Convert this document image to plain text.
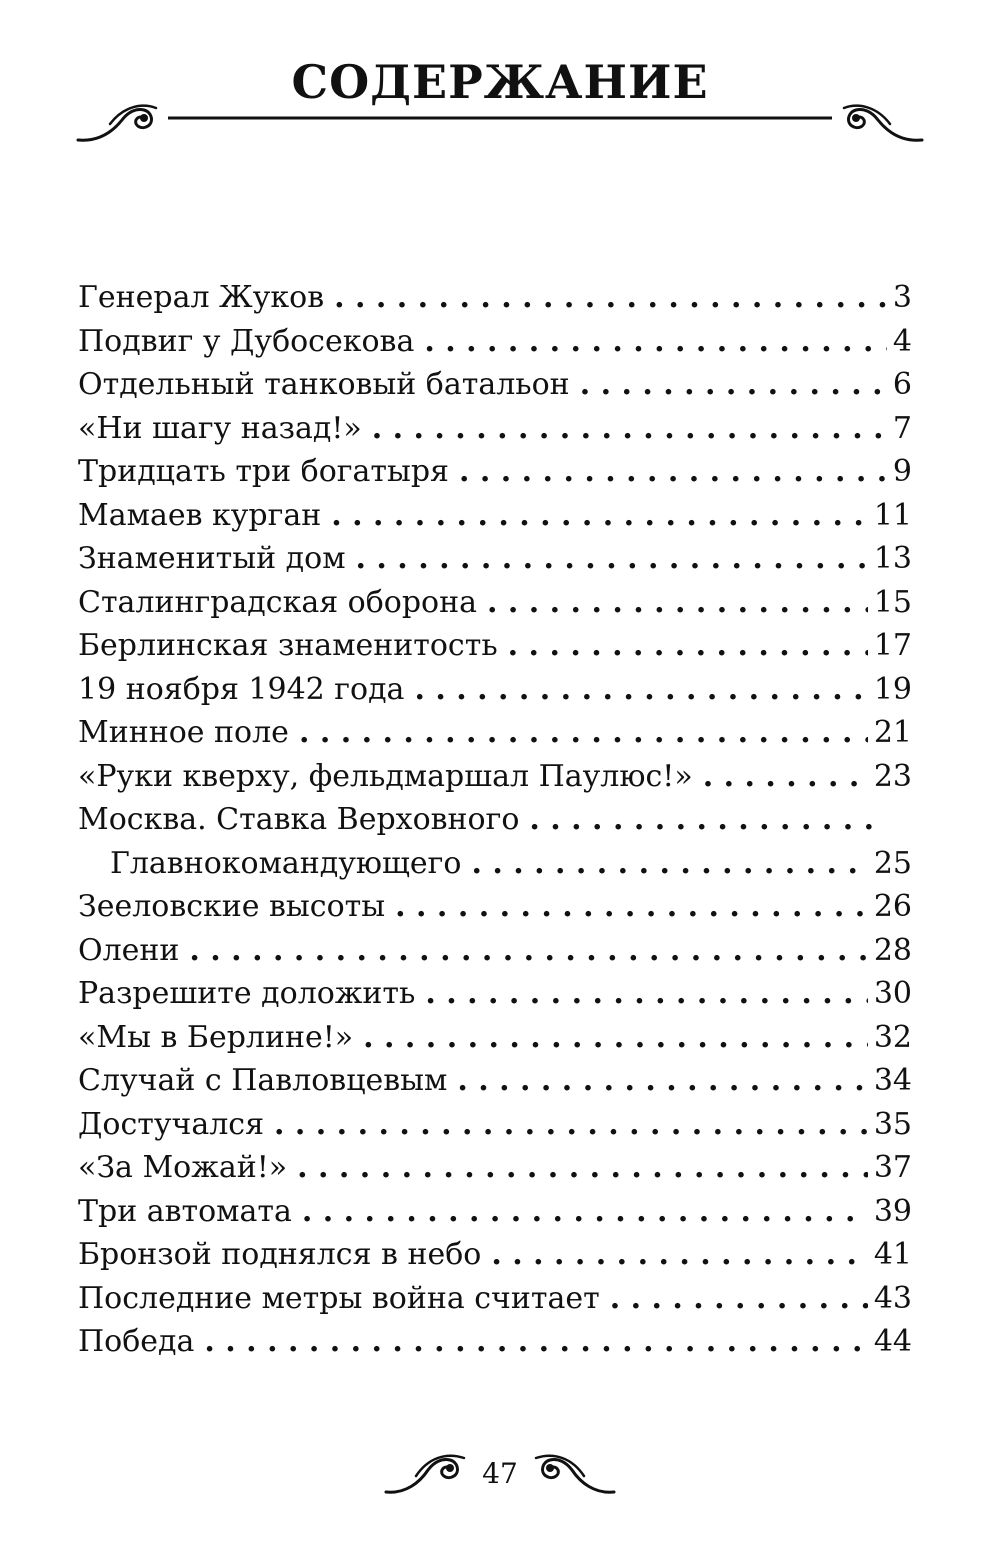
СОДЕРЖАНИЕ
Генерал Жуков . . .	3
Подвиг у Дубосекова . . .	4
Отдельный танковый батальон . . .	6
«Ни шагу назад!» . . .	7
Тридцать три богатыря . . .	9
Мамаев курган . . .	11
Знаменитый дом . . .	13
Сталинградская оборона . . .	15
Берлинская знаменитость . . .	17
19 ноября 1942 года . . .	19
Минное поле . . .	21
«Руки кверху, фельдмаршал Паулюс!» . . .	23
Москва. Ставка Верховного
. . .
Главнокомандующего . . .	25
Зееловские высоты . . .	26
Олени . . .	28
Разрешите доложить . . .	30
«Мы в Берлине!» . . .	32
Случай с Павловцевым . . .	34
Достучался . . .	35
«За Можай!» . . .	37
Три автомата . . .	39
Бронзой поднялся в небо . . .	41
Последние метры война считает . . .	43
Победа . . .	44
47
